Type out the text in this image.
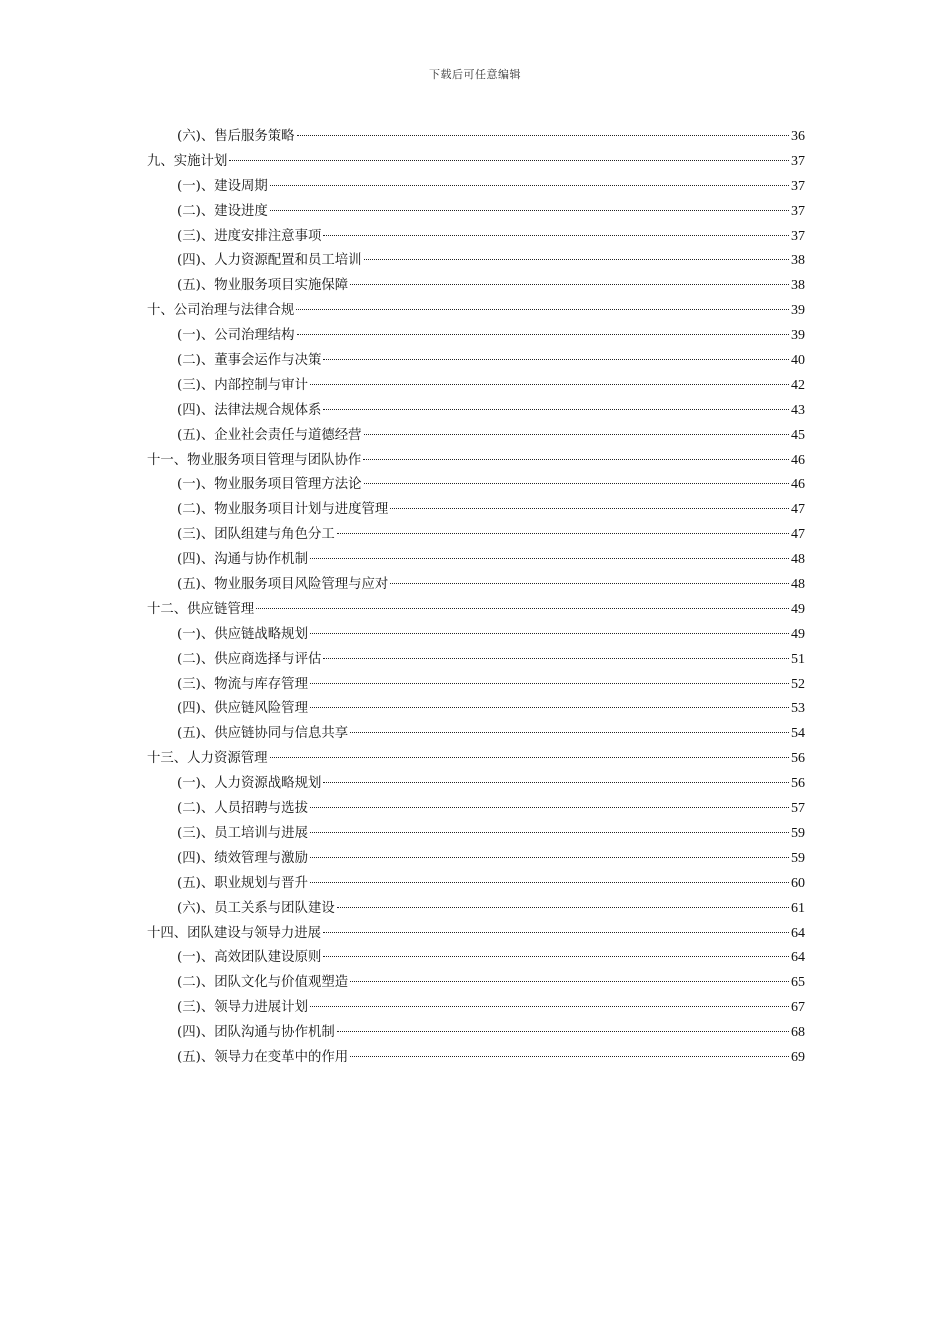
下载后可任意编辑
(六)、售后服务策略	36
九、实施计划	37
(一)、建设周期	37
(二)、建设进度	37
(三)、进度安排注意事项	37
(四)、人力资源配置和员工培训	38
(五)、物业服务项目实施保障	38
十、公司治理与法律合规	39
(一)、公司治理结构	39
(二)、董事会运作与决策	40
(三)、内部控制与审计	42
(四)、法律法规合规体系	43
(五)、企业社会责任与道德经营	45
十一、物业服务项目管理与团队协作	46
(一)、物业服务项目管理方法论	46
(二)、物业服务项目计划与进度管理	47
(三)、团队组建与角色分工	47
(四)、沟通与协作机制	48
(五)、物业服务项目风险管理与应对	48
十二、供应链管理	49
(一)、供应链战略规划	49
(二)、供应商选择与评估	51
(三)、物流与库存管理	52
(四)、供应链风险管理	53
(五)、供应链协同与信息共享	54
十三、人力资源管理	56
(一)、人力资源战略规划	56
(二)、人员招聘与选拔	57
(三)、员工培训与进展	59
(四)、绩效管理与激励	59
(五)、职业规划与晋升	60
(六)、员工关系与团队建设	61
十四、团队建设与领导力进展	64
(一)、高效团队建设原则	64
(二)、团队文化与价值观塑造	65
(三)、领导力进展计划	67
(四)、团队沟通与协作机制	68
(五)、领导力在变革中的作用	69
